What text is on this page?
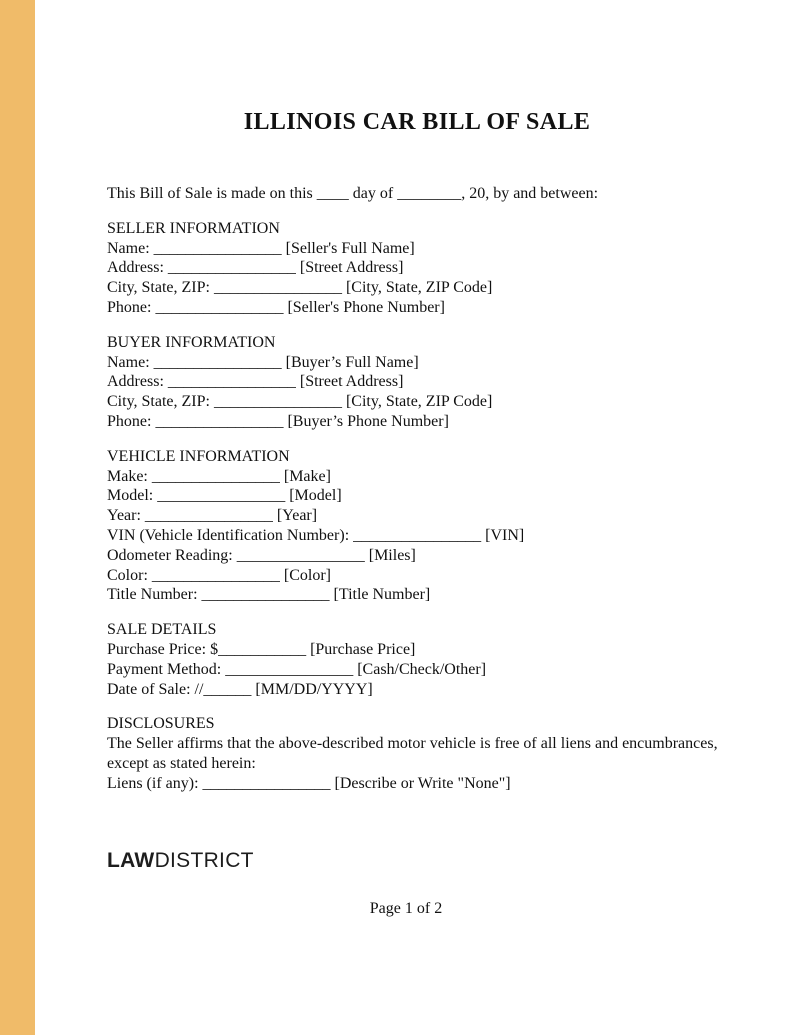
ILLINOIS CAR BILL OF SALE

This Bill of Sale is made on this ____ day of ________, 20, by and between:

SELLER INFORMATION
Name: ________________ [Seller's Full Name]
Address: ________________ [Street Address]
City, State, ZIP: ________________ [City, State, ZIP Code]
Phone: ________________ [Seller's Phone Number]
BUYER INFORMATION
Name: ________________ [Buyer’s Full Name]
Address: ________________ [Street Address]
City, State, ZIP: ________________ [City, State, ZIP Code]
Phone: ________________ [Buyer’s Phone Number]
VEHICLE INFORMATION
Make: ________________ [Make]
Model: ________________ [Model]
Year: ________________ [Year]
VIN (Vehicle Identification Number): ________________ [VIN]
Odometer Reading: ________________ [Miles]
Color: ________________ [Color]
Title Number: ________________ [Title Number]
SALE DETAILS
Purchase Price: $___________ [Purchase Price]
Payment Method: ________________ [Cash/Check/Other]
Date of Sale: //______ [MM/DD/YYYY]
DISCLOSURES
The Seller affirms that the above-described motor vehicle is free of all liens and encumbrances, except as stated herein:
Liens (if any): ________________ [Describe or Write "None"]
LAWDISTRICT
Page 1 of 2
